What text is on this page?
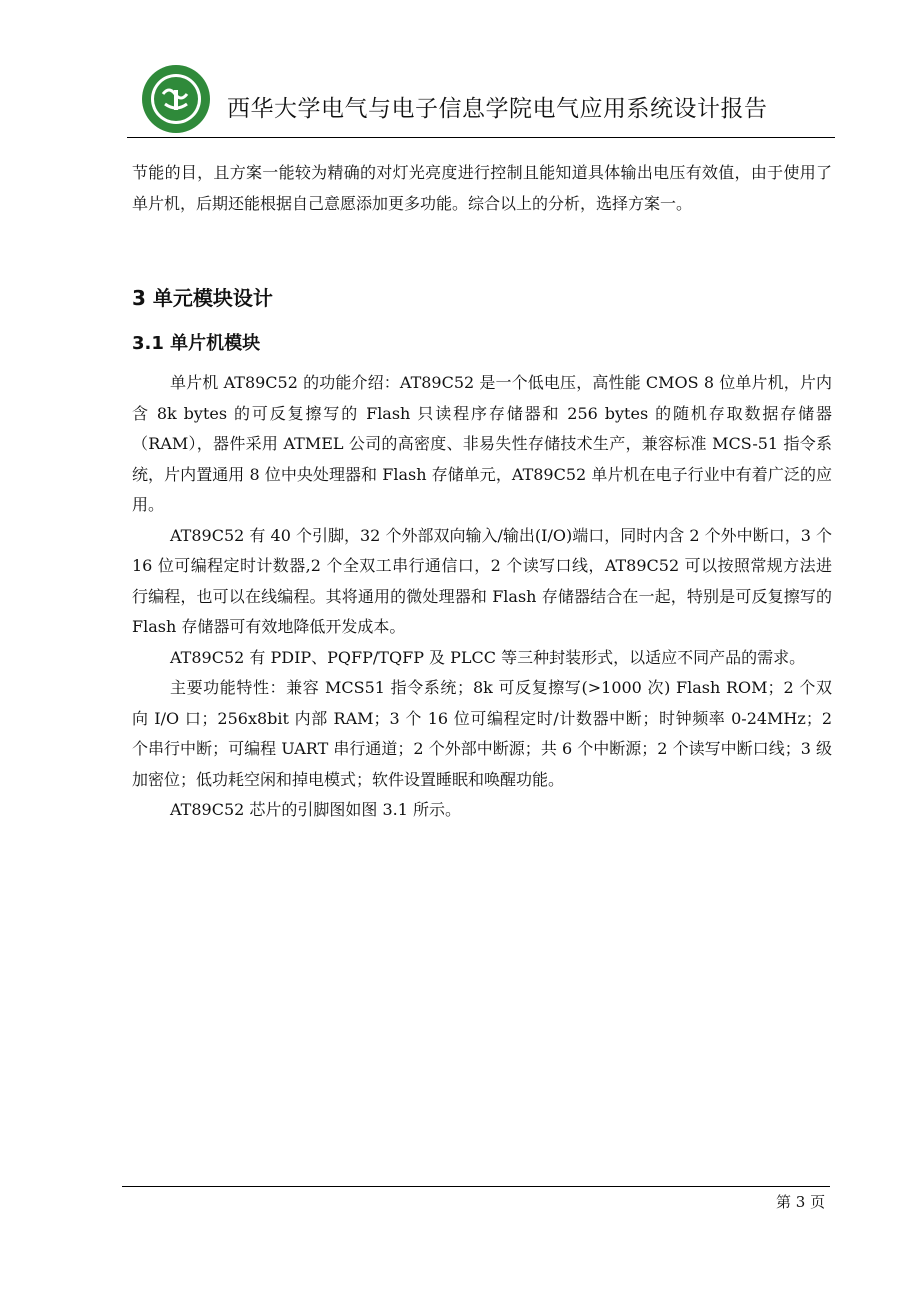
西华大学电气与电子信息学院电气应用系统设计报告

节能的目，且方案一能较为精确的对灯光亮度进行控制且能知道具体输出电压有效值，由于使用了单片机，后期还能根据自己意愿添加更多功能。综合以上的分析，选择方案一。

3 单元模块设计
3.1 单片机模块

单片机 AT89C52 的功能介绍：AT89C52 是一个低电压，高性能 CMOS 8 位单片机，片内含 8k bytes 的可反复擦写的 Flash 只读程序存储器和 256 bytes 的随机存取数据存储器（RAM），器件采用 ATMEL 公司的高密度、非易失性存储技术生产，兼容标准 MCS-51 指令系统，片内置通用 8 位中央处理器和 Flash 存储单元，AT89C52 单片机在电子行业中有着广泛的应用。

AT89C52 有 40 个引脚，32 个外部双向输入/输出(I/O)端口，同时内含 2 个外中断口，3 个 16 位可编程定时计数器,2 个全双工串行通信口，2 个读写口线，AT89C52 可以按照常规方法进行编程，也可以在线编程。其将通用的微处理器和 Flash 存储器结合在一起，特别是可反复擦写的 Flash 存储器可有效地降低开发成本。

AT89C52 有 PDIP、PQFP/TQFP 及 PLCC 等三种封装形式，以适应不同产品的需求。

主要功能特性：兼容 MCS51 指令系统；8k 可反复擦写(>1000 次) Flash ROM；2 个双向 I/O 口；256x8bit 内部 RAM；3 个 16 位可编程定时/计数器中断；时钟频率 0-24MHz；2 个串行中断；可编程 UART 串行通道；2 个外部中断源；共 6 个中断源；2 个读写中断口线；3 级加密位；低功耗空闲和掉电模式；软件设置睡眠和唤醒功能。

AT89C52 芯片的引脚图如图 3.1 所示。

第 3 页
